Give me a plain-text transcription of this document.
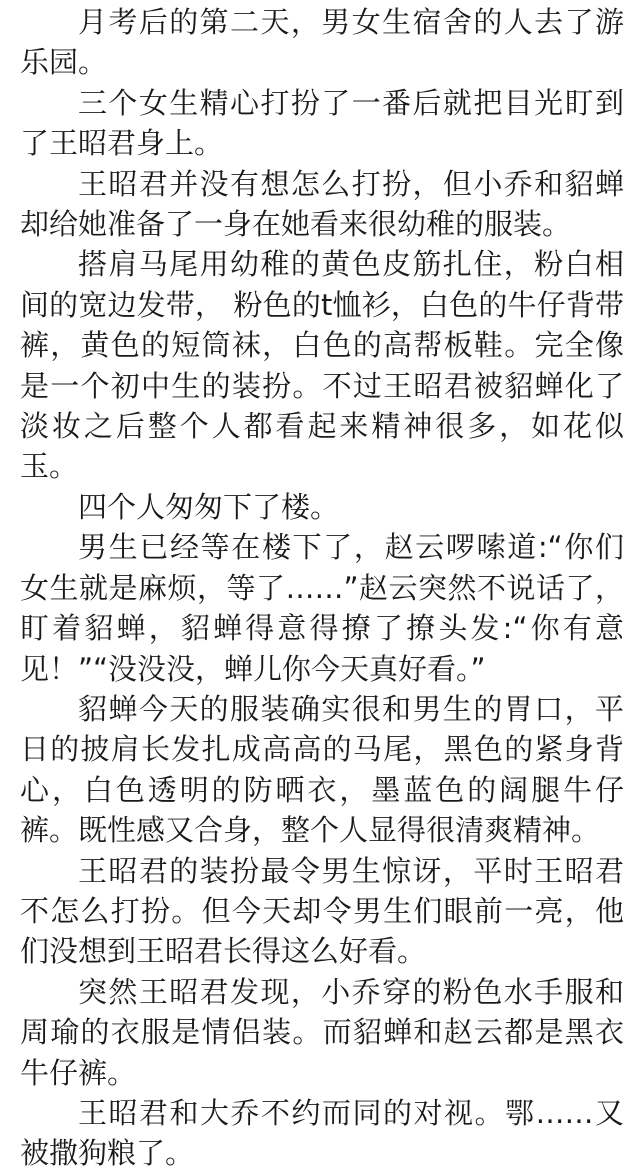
月考后的第二天，男女生宿舍的人去了游乐园。

三个女生精心打扮了一番后就把目光盯到了王昭君身上。

王昭君并没有想怎么打扮，但小乔和貂蝉却给她准备了一身在她看来很幼稚的服装。

搭肩马尾用幼稚的黄色皮筋扎住，粉白相间的宽边发带， 粉色的t恤衫，白色的牛仔背带裤，黄色的短筒袜，白色的高帮板鞋。完全像是一个初中生的装扮。不过王昭君被貂蝉化了淡妆之后整个人都看起来精神很多，如花似玉。

四个人匆匆下了楼。

男生已经等在楼下了，赵云啰嗦道:“你们女生就是麻烦，等了……”赵云突然不说话了，盯着貂蝉，貂蝉得意得撩了撩头发:“你有意见！”“没没没，蝉儿你今天真好看。”

貂蝉今天的服装确实很和男生的胃口，平日的披肩长发扎成高高的马尾，黑色的紧身背心，白色透明的防晒衣，墨蓝色的阔腿牛仔裤。既性感又合身，整个人显得很清爽精神。

王昭君的装扮最令男生惊讶，平时王昭君不怎么打扮。但今天却令男生们眼前一亮，他们没想到王昭君长得这么好看。

突然王昭君发现，小乔穿的粉色水手服和周瑜的衣服是情侣装。而貂蝉和赵云都是黑衣牛仔裤。

王昭君和大乔不约而同的对视。鄂……又被撒狗粮了。
